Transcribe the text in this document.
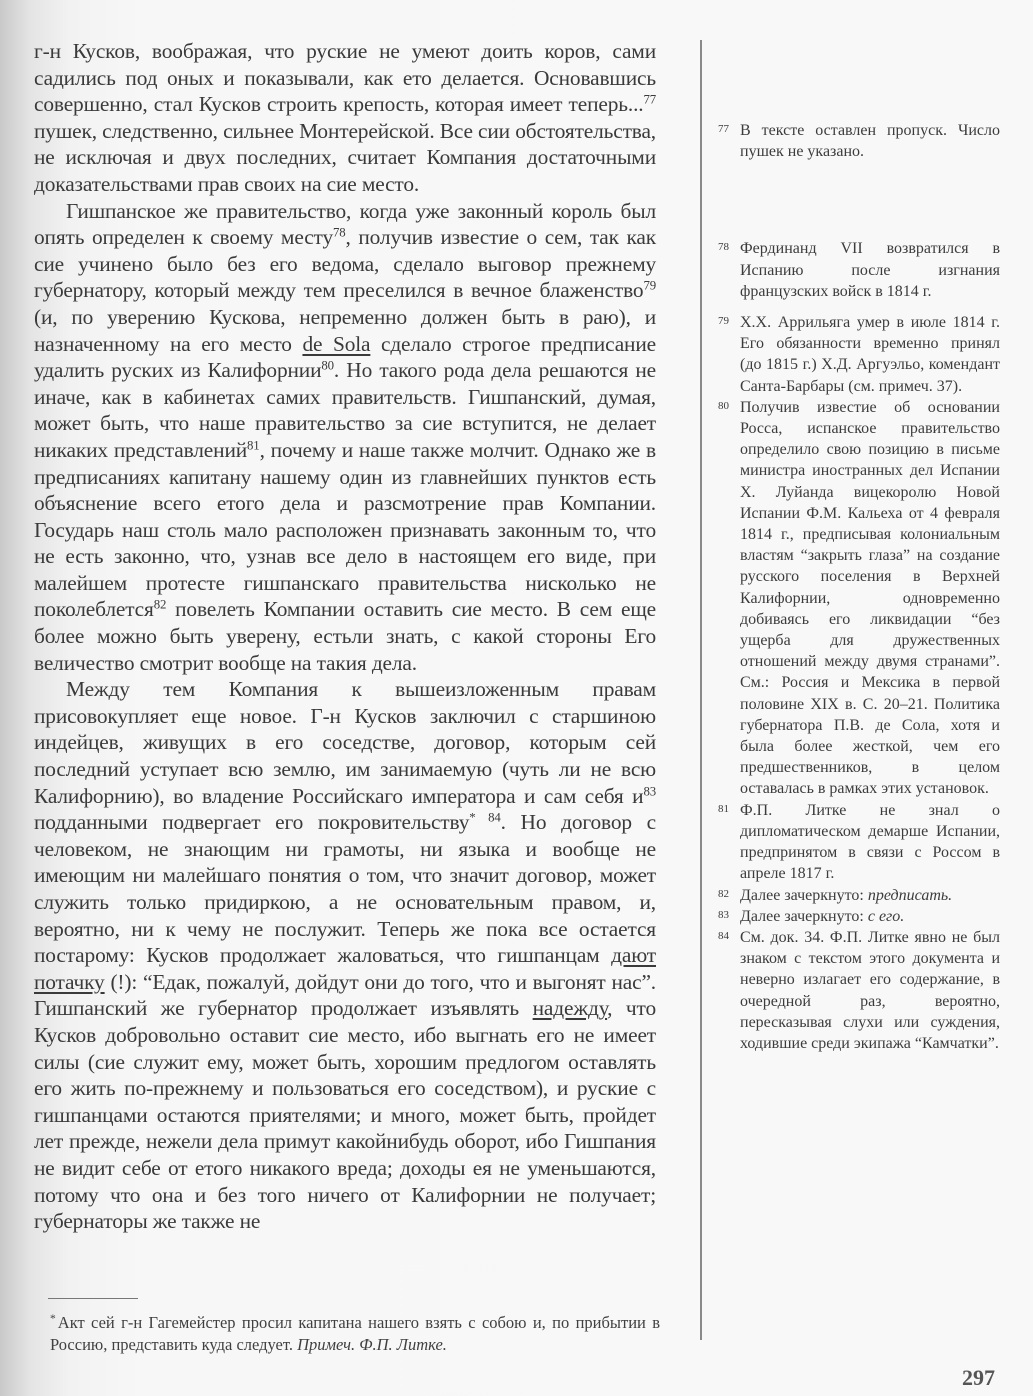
г-н Кусков, воображая, что руские не умеют доить коров, сами садились под оных и показывали, как ето делается. Основавшись совершенно, стал Кусков строить крепость, которая имеет теперь...$^{77}$ пушек, следственно, сильнее Монтерейской. Все сии обстоятельства, не исключая и двух последних, считает Компания достаточными доказательствами прав своих на сие место.

Гишпанское же правительство, когда уже законный король был опять определен к своему месту$^{78}$, получив известие о сем, так как сие учинено было без его ведома, сделало выговор прежнему губернатору, который между тем преселился в вечное блаженство$^{79}$ (и, по уверению Кускова, непременно должен быть в раю), и назначенному на его место de Sola сделало строгое предписание удалить руских из Калифорнии$^{80}$. Но такого рода дела решаются не иначе, как в кабинетах самих правительств. Гишпанский, думая, может быть, что наше правительство за сие вступится, не делает никаких представлений$^{81}$, почему и наше также молчит. Однако же в предписаниях капитану нашему один из главнейших пунктов есть объяснение всего етого дела и разсмотрение прав Компании. Государь наш столь мало расположен признавать законным то, что не есть законно, что, узнав все дело в настоящем его виде, при малейшем протесте гишпанскаго правительства нисколько не поколеблется$^{82}$ повелеть Компании оставить сие место. В сем еще более можно быть уверену, естьли знать, с какой стороны Его величество смотрит вообще на такия дела.

Между тем Компания к вышеизложенным правам присовокупляет еще новое. Г-н Кусков заключил с старшиною индейцев, живущих в его соседстве, договор, которым сей последний уступает всю землю, им занимаемую (чуть ли не всю Калифорнию), во владение Российскаго императора и сам себя $и^{83}$ подданными подвергает его покровительству* $^{84}$. Но договор с человеком, не знающим ни грамоты, ни языка и вообще не имеющим ни малейшаго понятия о том, что значит договор, может служить только придиркою, а не основательным правом, и, вероятно, ни к чему не послужит. Теперь же пока все остается постарому: Кусков продолжает жаловаться, что гишпанцам дают потачку (!): “Едак, пожалуй, дойдут они до того, что и выгонят нас”. Гишпанский же губернатор продолжает изъявлять надежду, что Кусков добровольно оставит сие место, ибо выгнать его не имеет силы (сие служит ему, может быть, хорошим предлогом оставлять его жить по-прежнему и пользоваться его соседством), и руские с гишпанцами остаются приятелями; и много, может быть, пройдет лет прежде, нежели дела примут какойнибудь оборот, ибо Гишпания не видит себе от етого никакого вреда; доходы ея не уменьшаются, потому что она и без того ничего от Калифорнии не получает; губернаторы же также не

* Акт сей г-н Гагемейстер просил капитана нашего взять с собою и, по прибытии в Россию, представить куда следует. Примеч. Ф.П. Литке.
77 В тексте оставлен пропуск. Число пушек не указано.
78 Фердинанд VII возвратился в Испанию после изгнания французских войск в 1814 г.
79 Х.Х. Аррильяга умер в июле 1814 г. Его обязанности временно принял (до 1815 г.) Х.Д. Аргуэльо, комендант Санта-Барбары (см. примеч. 37).
80 Получив известие об основании Росса, испанское правительство определило свою позицию в письме министра иностранных дел Испании Х. Луйанда вицекоролю Новой Испании Ф.М. Кальеха от 4 февраля 1814 г., предписывая колониальным властям “закрыть глаза” на создание русского поселения в Верхней Калифорнии, одновременно добиваясь его ликвидации “без ущерба для дружественных отношений между двумя странами”. См.: Россия и Мексика в первой половине XIX в. С. 20–21. Политика губернатора П.В. де Сола, хотя и была более жесткой, чем его предшественников, в целом оставалась в рамках этих установок.
81 Ф.П. Литке не знал о дипломатическом демарше Испании, предпринятом в связи с Россом в апреле 1817 г.
82 Далее зачеркнуто: предписать.
83 Далее зачеркнуто: с его.
84 См. док. 34. Ф.П. Литке явно не был знаком с текстом этого документа и неверно излагает его содержание, в очередной раз, вероятно, пересказывая слухи или суждения, ходившие среди экипажа “Камчатки”.
297
